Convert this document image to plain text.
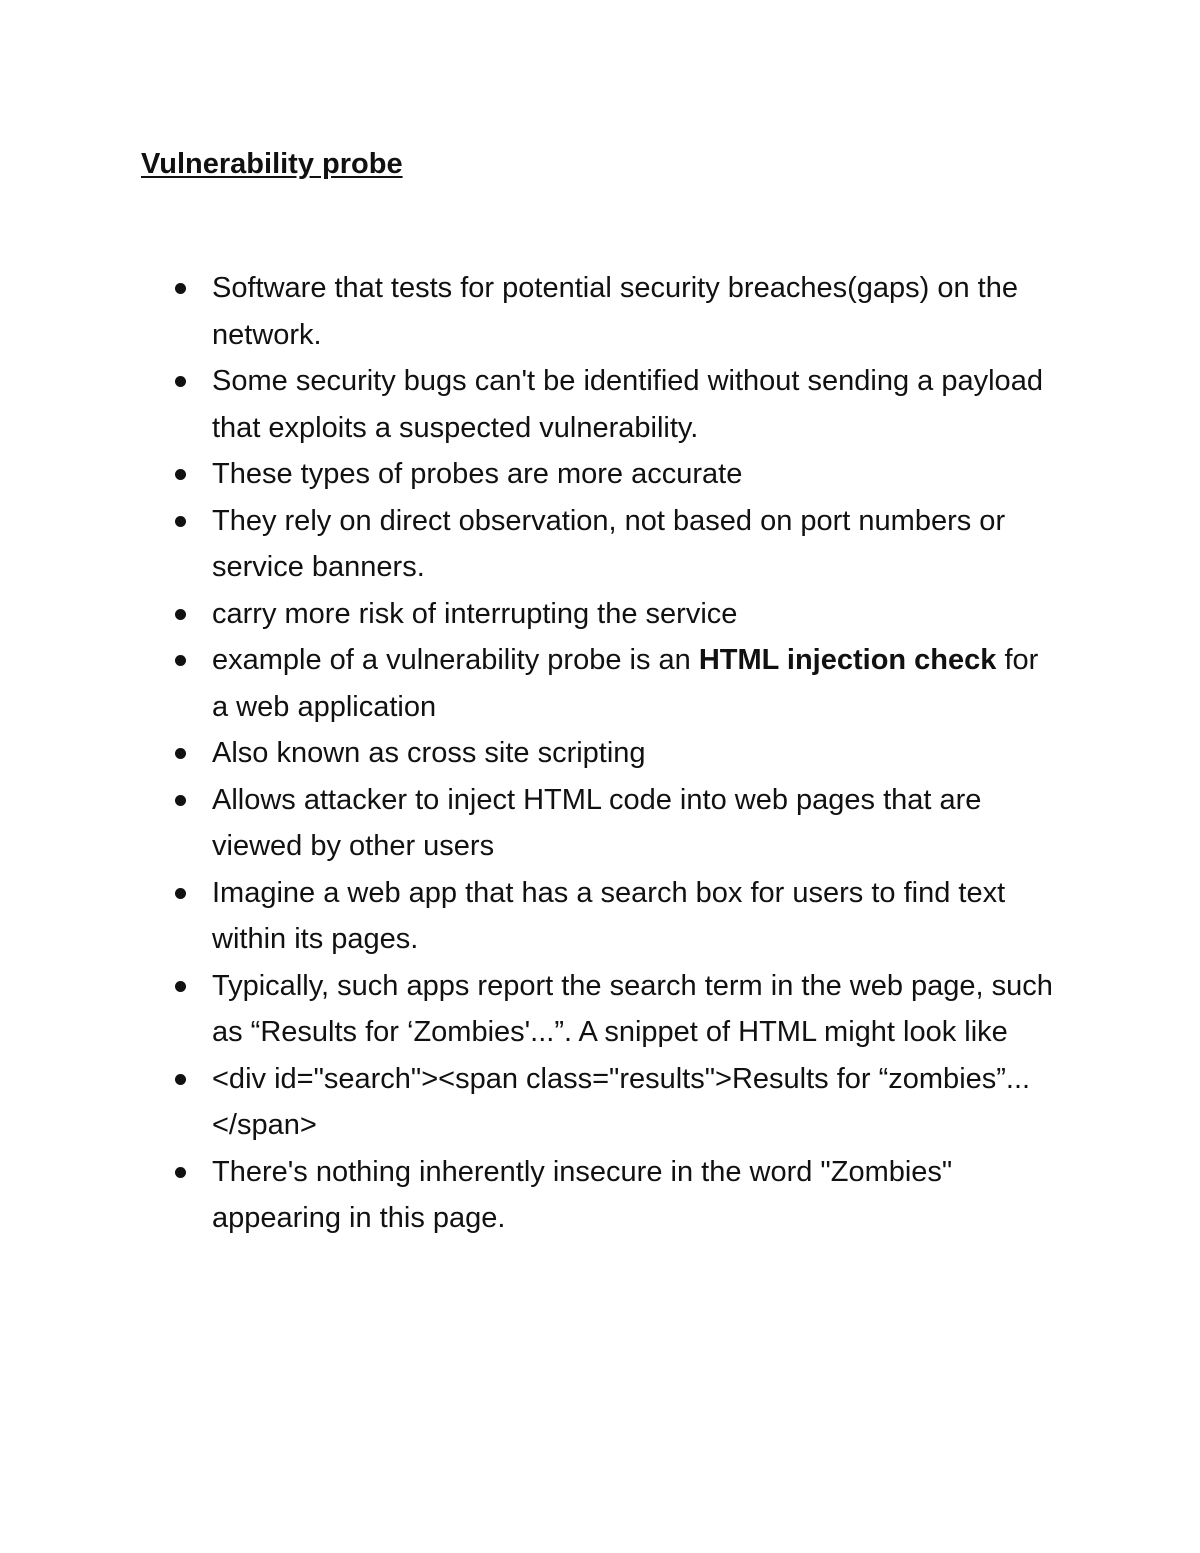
Vulnerability probe
Software that tests for potential security breaches(gaps) on the network.
Some security bugs can't be identified without sending a payload that exploits a suspected vulnerability.
These types of probes are more accurate
They rely on direct observation, not based on port numbers or service banners.
carry more risk of interrupting the service
example of a vulnerability probe is an HTML injection check for a web application
Also known as cross site scripting
Allows attacker to inject HTML code into web pages that are viewed by other users
Imagine a web app that has a search box for users to find text within its pages.
Typically, such apps report the search term in the web page, such as “Results for ‘Zombies'...”. A snippet of HTML might look like
<div id="search"><span class="results">Results for “zombies”... </span>
There's nothing inherently insecure in the word "Zombies" appearing in this page.
